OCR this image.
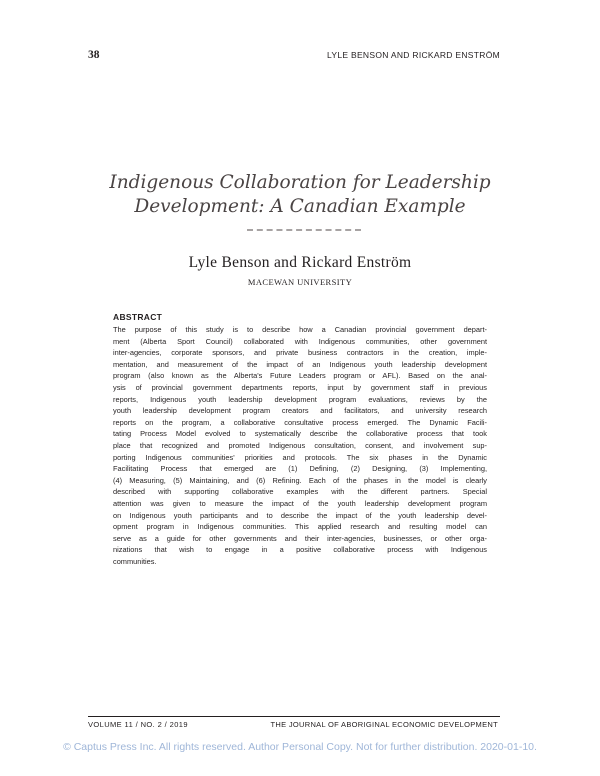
38	LYLE BENSON AND RICKARD ENSTRÖM
Indigenous Collaboration for Leadership
Development: A Canadian Example
Lyle Benson and Rickard Enström
MACEWAN UNIVERSITY
ABSTRACT
The purpose of this study is to describe how a Canadian provincial government depart-
ment (Alberta Sport Council) collaborated with Indigenous communities, other government
inter-agencies, corporate sponsors, and private business contractors in the creation, imple-
mentation, and measurement of the impact of an Indigenous youth leadership development
program (also known as the Alberta's Future Leaders program or AFL). Based on the anal-
ysis of provincial government departments reports, input by government staff in previous
reports, Indigenous youth leadership development program evaluations, reviews by the
youth leadership development program creators and facilitators, and university research
reports on the program, a collaborative consultative process emerged. The Dynamic Facili-
tating Process Model evolved to systematically describe the collaborative process that took
place that recognized and promoted Indigenous consultation, consent, and involvement sup-
porting Indigenous communities' priorities and protocols. The six phases in the Dynamic
Facilitating Process that emerged are (1) Defining, (2) Designing, (3) Implementing,
(4) Measuring, (5) Maintaining, and (6) Refining. Each of the phases in the model is clearly
described with supporting collaborative examples with the different partners. Special
attention was given to measure the impact of the youth leadership development program
on Indigenous youth participants and to describe the impact of the youth leadership devel-
opment program in Indigenous communities. This applied research and resulting model can
serve as a guide for other governments and their inter-agencies, businesses, or other orga-
nizations that wish to engage in a positive collaborative process with Indigenous
communities.
VOLUME 11 / NO. 2 / 2019	THE JOURNAL OF ABORIGINAL ECONOMIC DEVELOPMENT
© Captus Press Inc. All rights reserved. Author Personal Copy. Not for further distribution. 2020-01-10.
